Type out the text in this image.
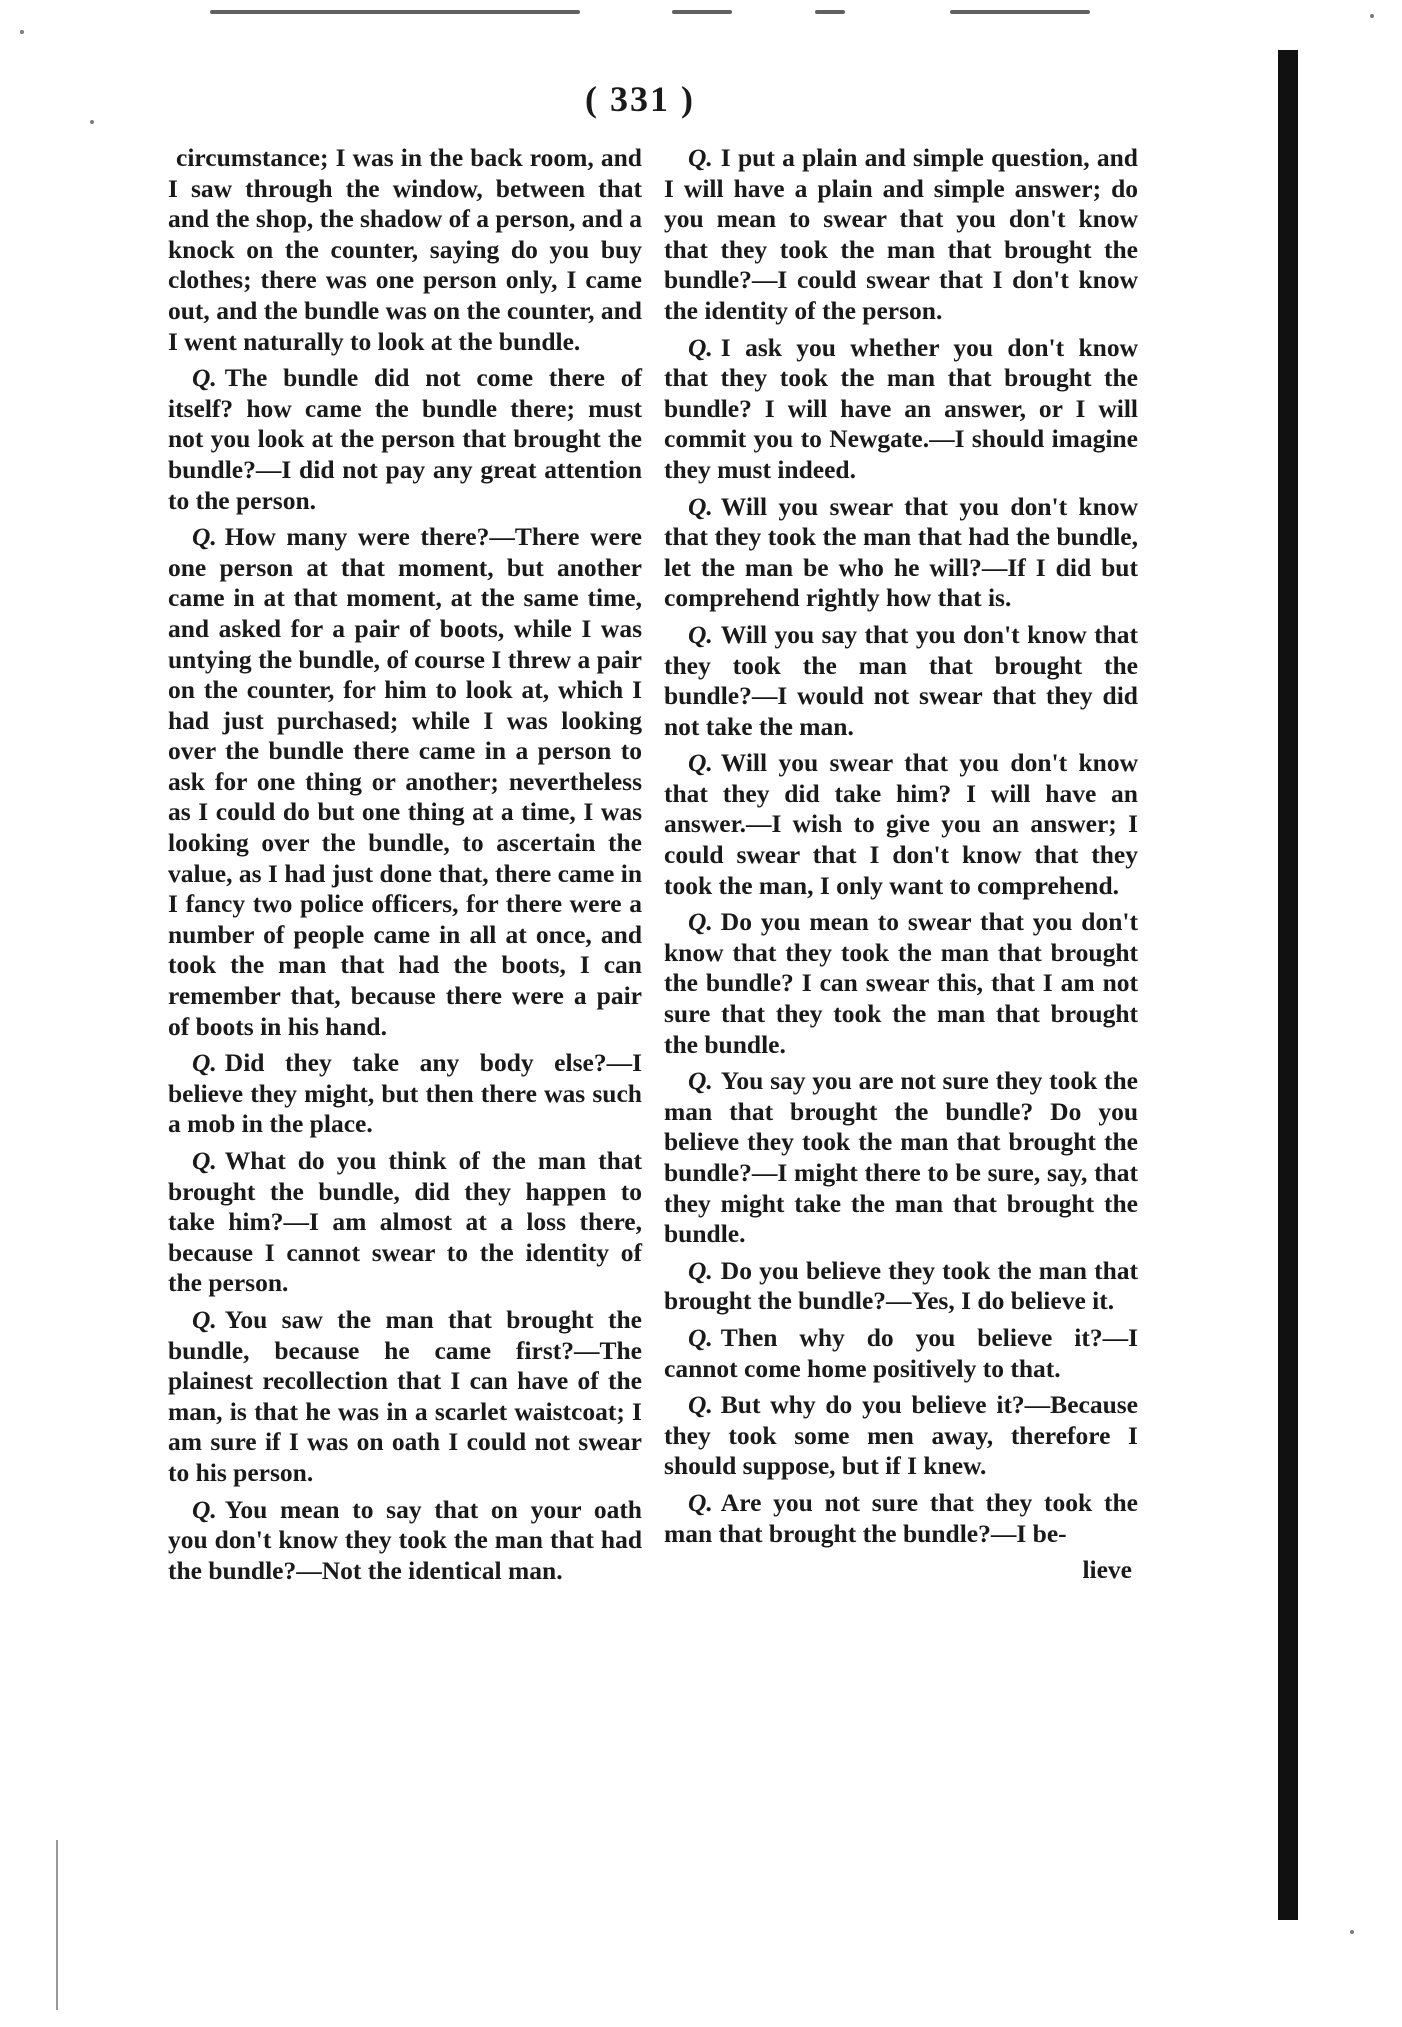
( 331 )

circumstance; I was in the back room, and I saw through the window, between that and the shop, the shadow of a person, and a knock on the counter, saying do you buy clothes; there was one person only, I came out, and the bundle was on the counter, and I went naturally to look at the bundle.

Q. The bundle did not come there of itself? how came the bundle there; must not you look at the person that brought the bundle?—I did not pay any great attention to the person.

Q. How many were there?—There were one person at that moment, but another came in at that moment, at the same time, and asked for a pair of boots, while I was untying the bundle, of course I threw a pair on the counter, for him to look at, which I had just purchased; while I was looking over the bundle there came in a person to ask for one thing or another; nevertheless as I could do but one thing at a time, I was looking over the bundle, to ascertain the value, as I had just done that, there came in I fancy two police officers, for there were a number of people came in all at once, and took the man that had the boots, I can remember that, because there were a pair of boots in his hand.

Q. Did they take any body else?—I believe they might, but then there was such a mob in the place.

Q. What do you think of the man that brought the bundle, did they happen to take him?—I am almost at a loss there, because I cannot swear to the identity of the person.

Q. You saw the man that brought the bundle, because he came first?—The plainest recollection that I can have of the man, is that he was in a scarlet waistcoat; I am sure if I was on oath I could not swear to his person.

Q. You mean to say that on your oath you don't know they took the man that had the bundle?—Not the identical man.

Q. I put a plain and simple question, and I will have a plain and simple answer; do you mean to swear that you don't know that they took the man that brought the bundle?—I could swear that I don't know the identity of the person.

Q. I ask you whether you don't know that they took the man that brought the bundle? I will have an answer, or I will commit you to Newgate.—I should imagine they must indeed.

Q. Will you swear that you don't know that they took the man that had the bundle, let the man be who he will?—If I did but comprehend rightly how that is.

Q. Will you say that you don't know that they took the man that brought the bundle?—I would not swear that they did not take the man.

Q. Will you swear that you don't know that they did take him? I will have an answer.—I wish to give you an answer; I could swear that I don't know that they took the man, I only want to comprehend.

Q. Do you mean to swear that you don't know that they took the man that brought the bundle? I can swear this, that I am not sure that they took the man that brought the bundle.

Q. You say you are not sure they took the man that brought the bundle? Do you believe they took the man that brought the bundle?—I might there to be sure, say, that they might take the man that brought the bundle.

Q. Do you believe they took the man that brought the bundle?—Yes, I do believe it.

Q. Then why do you believe it?—I cannot come home positively to that.

Q. But why do you believe it?—Because they took some men away, therefore I should suppose, but if I knew.

Q. Are you not sure that they took the man that brought the bundle?—I be-

lieve
